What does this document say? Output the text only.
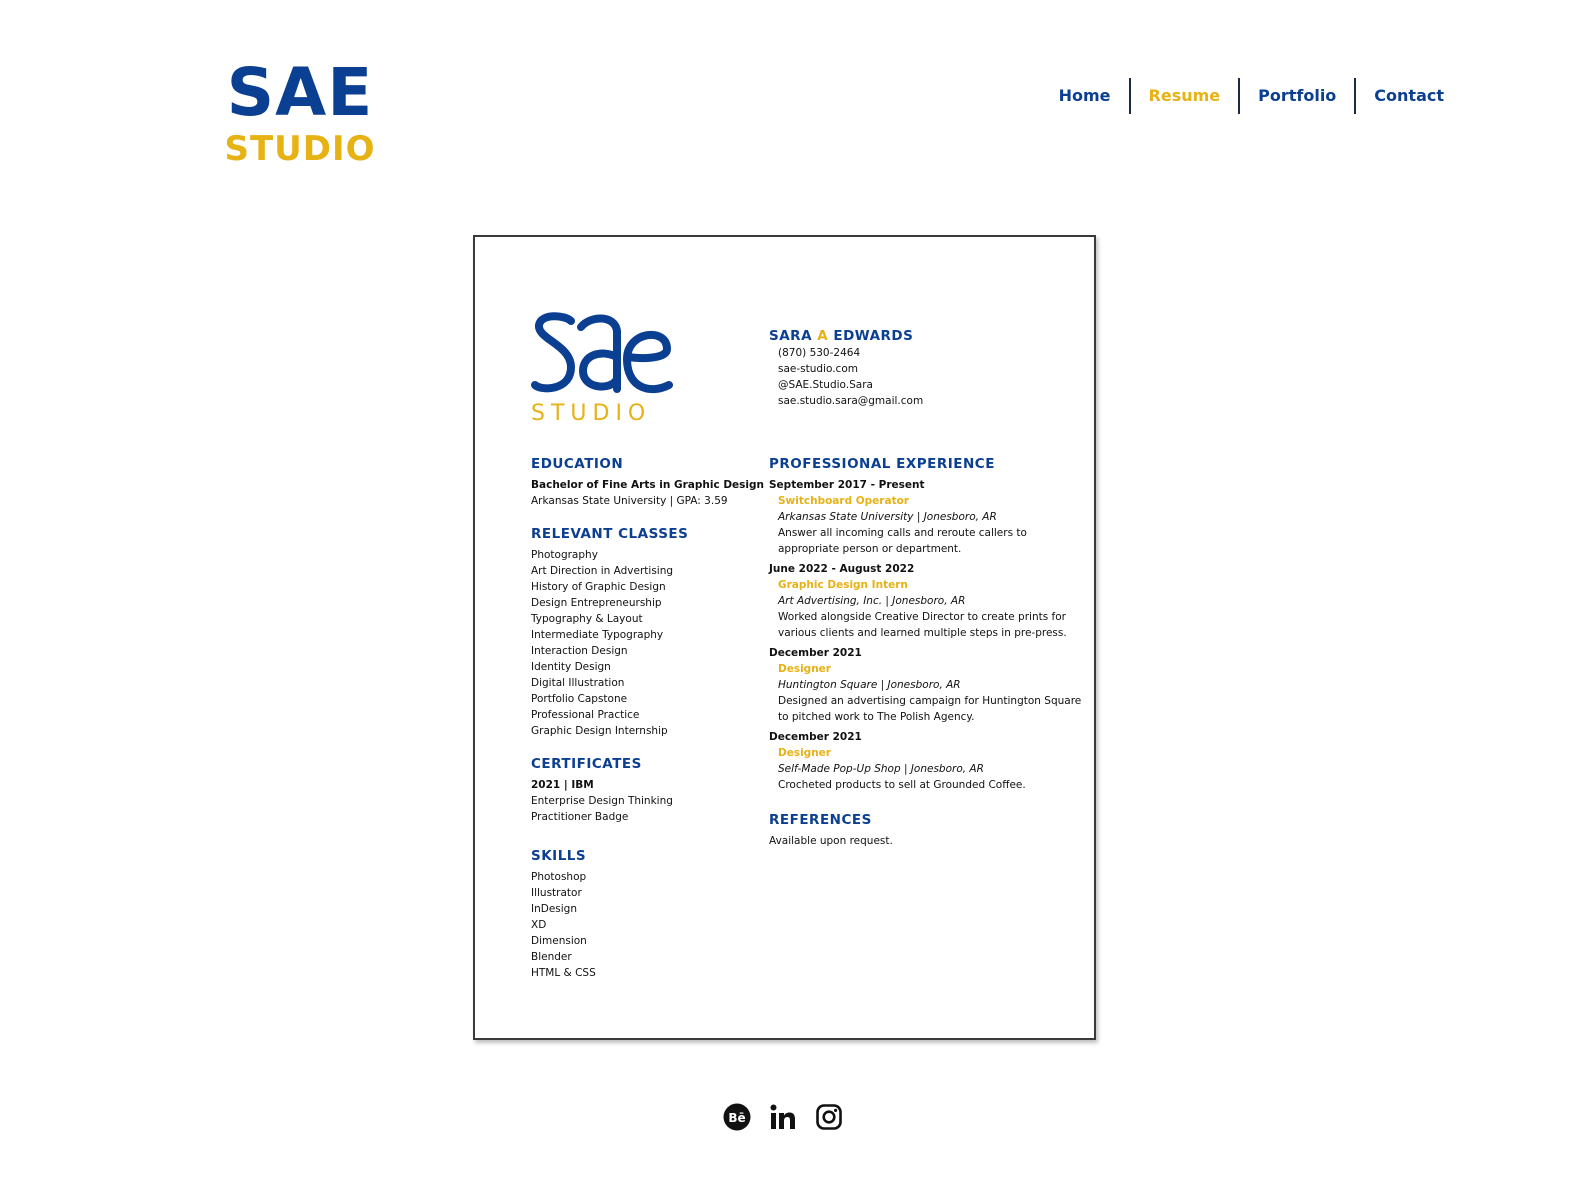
SAE
STUDIO
Home	Resume	Portfolio	Contact
STUDIO
EDUCATION
Bachelor of Fine Arts in Graphic Design
Arkansas State University | GPA: 3.59
RELEVANT CLASSES
Photography
Art Direction in Advertising
History of Graphic Design
Design Entrepreneurship
Typography & Layout
Intermediate Typography
Interaction Design
Identity Design
Digital Illustration
Portfolio Capstone
Professional Practice
Graphic Design Internship
CERTIFICATES
2021 | IBM
Enterprise Design Thinking
Practitioner Badge
SKILLS
Photoshop
Illustrator
InDesign
XD
Dimension
Blender
HTML & CSS
SARA A EDWARDS
(870) 530-2464
sae-studio.com
@SAE.Studio.Sara
sae.studio.sara@gmail.com
PROFESSIONAL EXPERIENCE
September 2017 - Present
Switchboard Operator
Arkansas State University | Jonesboro, AR
Answer all incoming calls and reroute callers to
appropriate person or department.
June 2022 - August 2022
Graphic Design Intern
Art Advertising, Inc. | Jonesboro, AR
Worked alongside Creative Director to create prints for
various clients and learned multiple steps in pre-press.
December 2021
Designer
Huntington Square | Jonesboro, AR
Designed an advertising campaign for Huntington Square
to pitched work to The Polish Agency.
December 2021
Designer
Self-Made Pop-Up Shop | Jonesboro, AR
Crocheted products to sell at Grounded Coffee.
REFERENCES
Available upon request.
Bē
